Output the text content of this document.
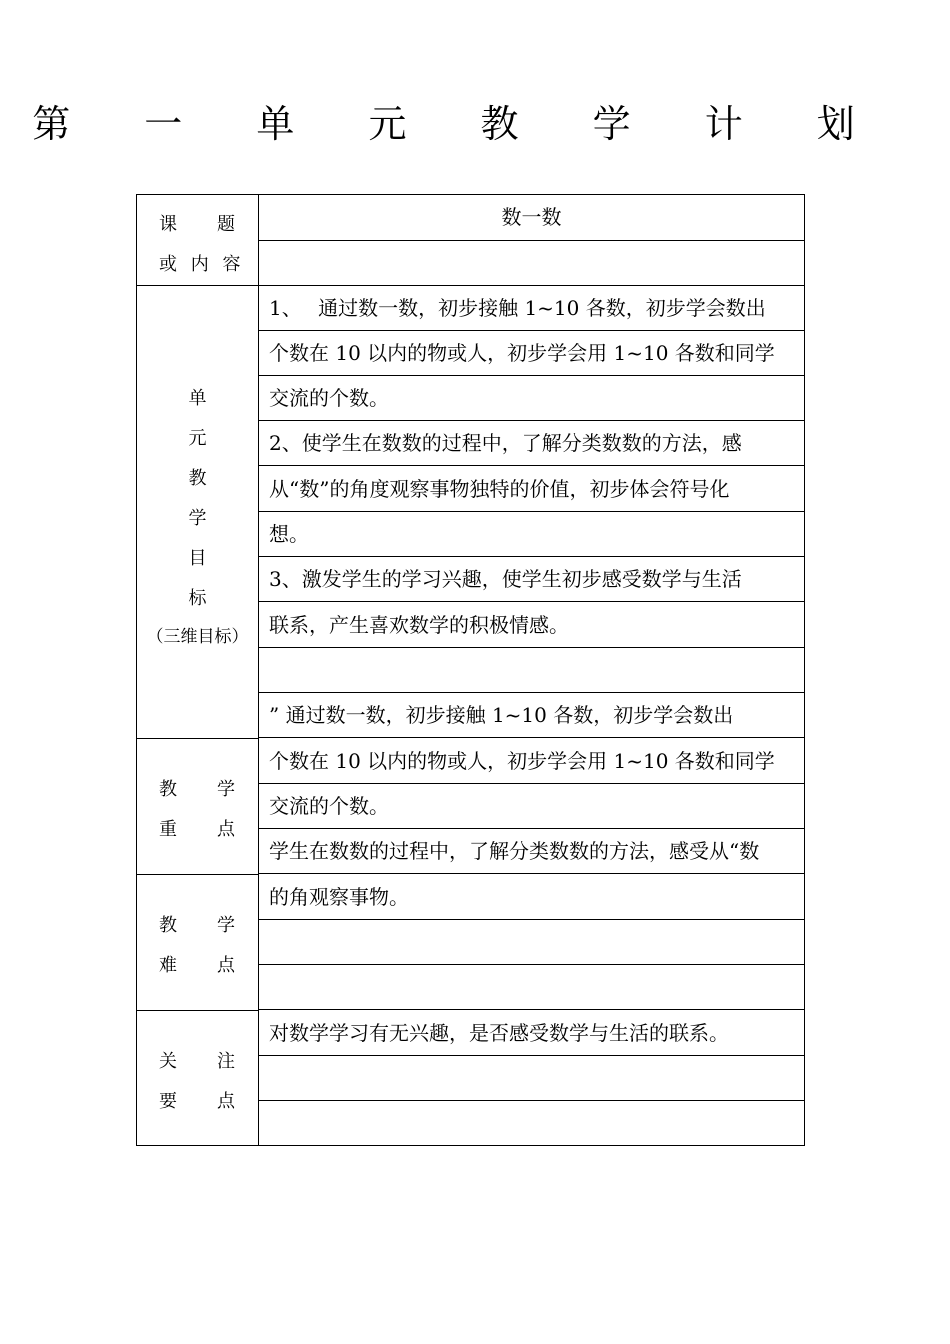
第 一 单 元 教 学 计 划
课 题
或 内 容
单
元
教
学
目
标
（三维目标）
教 学
重 点
教 学
难 点
关 注
要 点
数一数
1、　 通过数一数，初步接触 1~10 各数，初步学会数出
个数在 10 以内的物或人，初步学会用 1~10 各数和同学
交流的个数。
2、使学生在数数的过程中，了解分类数数的方法，感
从“数”的角度观察事物独特的价值，初步体会符号化
想。
3、激发学生的学习兴趣，使学生初步感受数学与生活
联系，产生喜欢数学的积极情感。
” 通过数一数，初步接触 1~10 各数，初步学会数出
个数在 10 以内的物或人，初步学会用 1~10 各数和同学
交流的个数。
学生在数数的过程中，了解分类数数的方法，感受从“数
的角观察事物。
对数学学习有无兴趣，是否感受数学与生活的联系。
